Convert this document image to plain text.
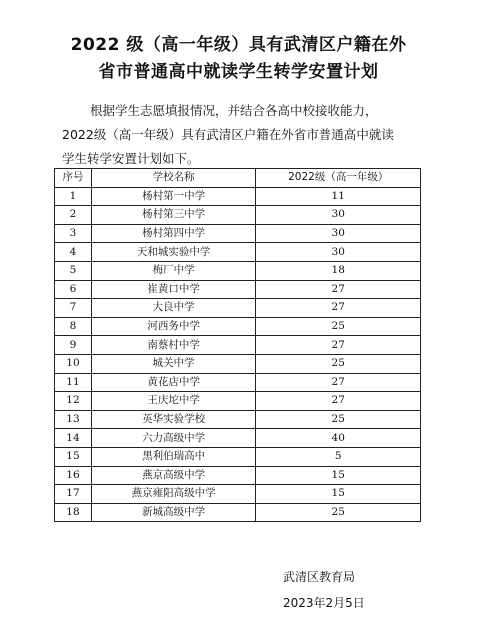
2022 级（高一年级）具有武清区户籍在外
省市普通高中就读学生转学安置计划
根据学生志愿填报情况，并结合各高中校接收能力，
2022级（高一年级）具有武清区户籍在外省市普通高中就读
学生转学安置计划如下。
序号	学校名称	2022级（高一年级）
1	杨村第一中学	11
2	杨村第三中学	30
3	杨村第四中学	30
4	天和城实验中学	30
5	梅厂中学	18
6	崔黄口中学	27
7	大良中学	27
8	河西务中学	25
9	南蔡村中学	27
10	城关中学	25
11	黄花店中学	27
12	王庆坨中学	27
13	英华实验学校	25
14	六力高级中学	40
15	黑利伯瑞高中	5
16	燕京高级中学	15
17	燕京雍阳高级中学	15
18	新城高级中学	25
武清区教育局
2023年2月5日
